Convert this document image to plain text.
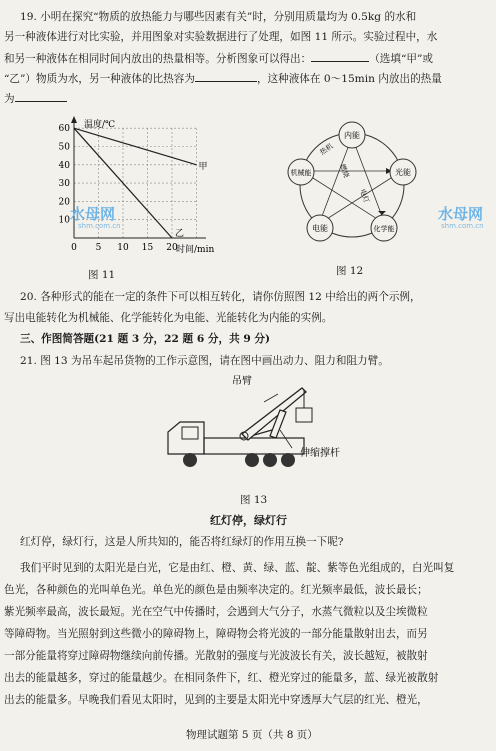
19. 小明在探究“物质的放热能力与哪些因素有关”时，分别用质量均为 0.5kg 的水和
另一种液体进行对比实验，并用图象对实验数据进行了处理，如图 11 所示。实验过程中，水
和另一种液体在相同时间内放出的热量相等。分析图象可以得出：	（选填“甲”或
“乙”）物质为水，另一种液体的比热容为	，这种液体在 0～15min 内放出的热量
为
温度/℃
时间/min
60
50
40
30
20
10
0 5 10 15 20
甲
乙
图 11
水母网
shm.com.cn
水母网
shm.com.cn
内能
光能
化学能
电能
机械能
热机
电灯
燃烧
图 12
20. 各种形式的能在一定的条件下可以相互转化，请你仿照图 12 中给出的两个示例，
写出电能转化为机械能、化学能转化为电能、光能转化为内能的实例。
三、作图简答题(21 题 3 分，22 题 6 分，共 9 分)
21. 图 13 为吊车起吊货物的工作示意图，请在图中画出动力、阻力和阻力臂。
吊臂
伸缩撑杆
图 13
红灯停，绿灯行
红灯停，绿灯行，这是人所共知的，能否将红绿灯的作用互换一下呢?
我们平时见到的太阳光是白光，它是由红、橙、黄、绿、蓝、靛、紫等色光组成的，白光叫复
色光，各种颜色的光叫单色光。单色光的颜色是由频率决定的。红光频率最低，波长最长；
紫光频率最高，波长最短。光在空气中传播时，会遇到大气分子，水蒸气微粒以及尘埃微粒
等障碍物。当光照射到这些微小的障碍物上，障碍物会将光波的一部分能量散射出去，而另
一部分能量将穿过障碍物继续向前传播。光散射的强度与光波波长有关，波长越短，被散射
出去的能量越多，穿过的能量越少。在相同条件下，红、橙光穿过的能量多，蓝、绿光被散射
出去的能量多。早晚我们看见太阳时，见到的主要是太阳光中穿透厚大气层的红光、橙光，
物理试题第 5 页（共 8 页）
